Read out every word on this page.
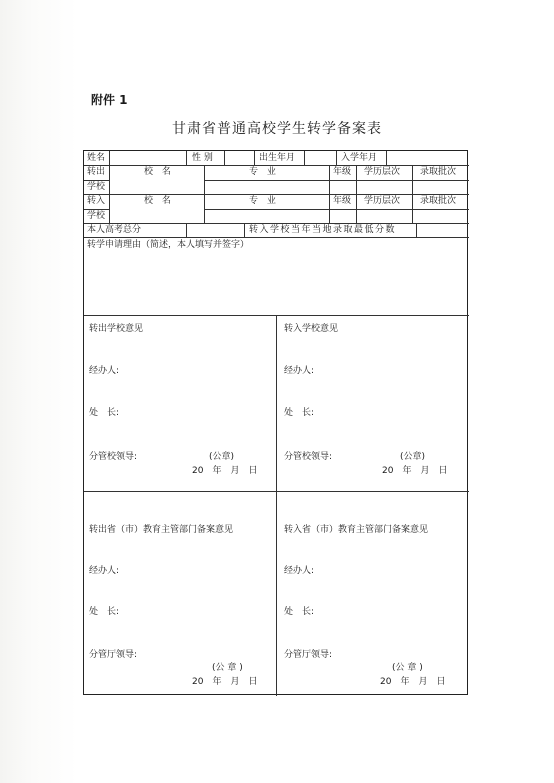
附件 1
甘肃省普通高校学生转学备案表
姓名	性 别	出生年月	入学年月
转出
学校
校 名	专 业	年级 学历层次 录取批次
转入
学校
校 名	专 业	年级 学历层次 录取批次
本人高考总分	转入学校当年当地录取最低分数
转学申请理由（简述，本人填写并签字）
转出学校意见
经办人:
处　长:
分管校领导:	(公章)
20　年　月　日
转入学校意见
经办人:
处　长:
分管校领导:	(公章)
20　年　月　日
转出省（市）教育主管部门备案意见
经办人:
处　长:
分管厅领导:
(公 章 )
20　年　月　日
转入省（市）教育主管部门备案意见
经办人:
处　长:
分管厅领导:
(公 章 )
20　年　月　日
